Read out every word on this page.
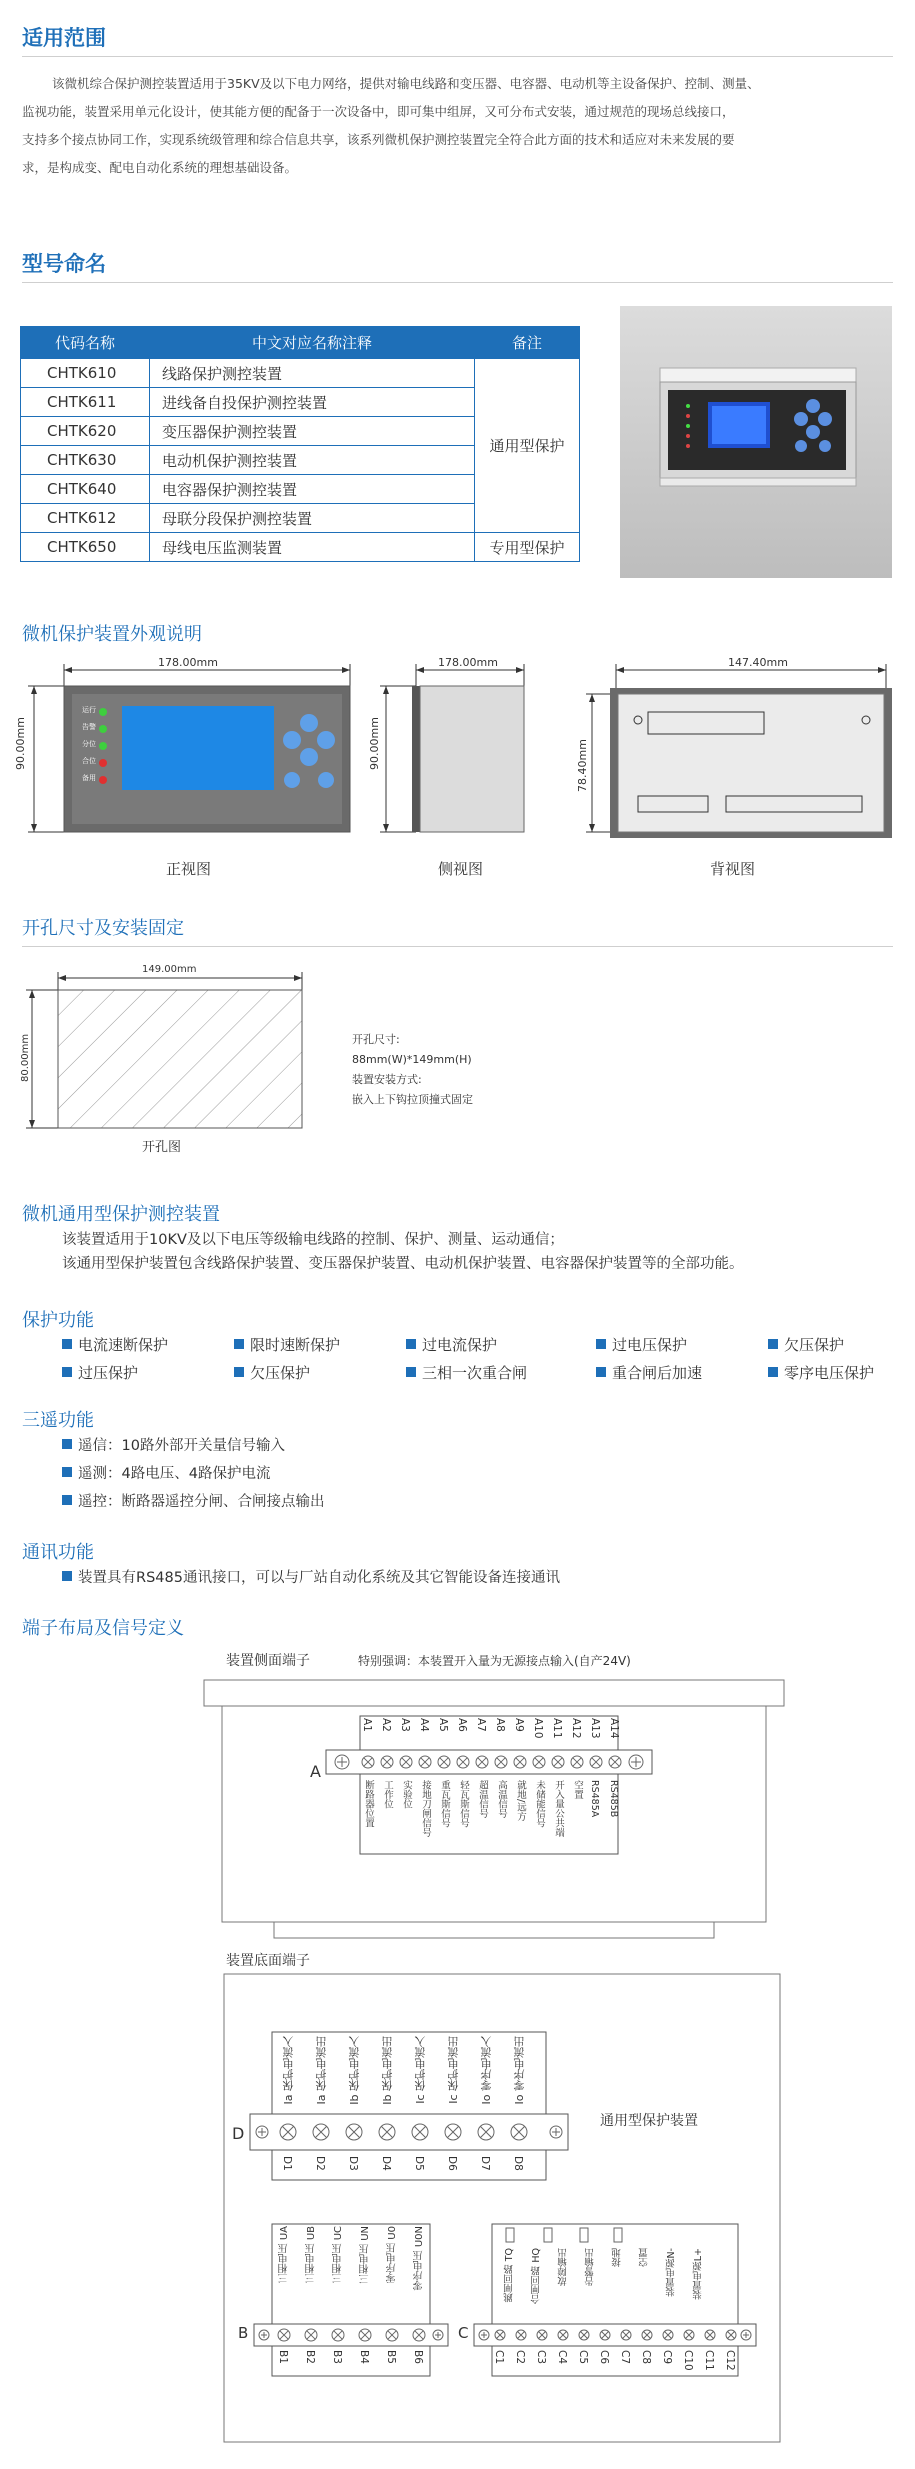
适用范围
该微机综合保护测控装置适用于35KV及以下电力网络，提供对输电线路和变压器、电容器、电动机等主设备保护、控制、测量、
监视功能，装置采用单元化设计，使其能方便的配备于一次设备中，即可集中组屏，又可分布式安装，通过规范的现场总线接口，
支持多个接点协同工作，实现系统级管理和综合信息共享，该系列微机保护测控装置完全符合此方面的技术和适应对未来发展的要
求，是构成变、配电自动化系统的理想基础设备。
型号命名
代码名称	中文对应名称注释	备注
CHTK610	线路保护测控装置	通用型保护
CHTK611	进线备自投保护测控装置	
CHTK620	变压器保护测控装置	
CHTK630	电动机保护测控装置	
CHTK640	电容器保护测控装置	
CHTK612	母联分段保护测控装置	
CHTK650	母线电压监测装置	专用型保护
微机保护装置外观说明
178.00mm
90.00mm
运行
告警
分位
合位
备用
正视图
178.00mm
90.00mm
侧视图
147.40mm
78.40mm
背视图
开孔尺寸及安装固定
149.00mm
80.00mm
开孔图
开孔尺寸:
88mm(W)*149mm(H)
装置安装方式:
嵌入上下钩拉顶撞式固定
微机通用型保护测控装置
该装置适用于10KV及以下电压等级输电线路的控制、保护、测量、运动通信；
该通用型保护装置包含线路保护装置、变压器保护装置、电动机保护装置、电容器保护装置等的全部功能。
保护功能
电流速断保护	限时速断保护	过电流保护	过电压保护	欠压保护
过压保护	欠压保护	三相一次重合闸	重合闸后加速	零序电压保护
三遥功能
遥信：10路外部开关量信号输入
遥测：4路电压、4路保护电流
遥控：断路器遥控分闸、合闸接点输出
通讯功能
装置具有RS485通讯接口，可以与厂站自动化系统及其它智能设备连接通讯
端子布局及信号定义
装置侧面端子	特别强调：本装置开入量为无源接点输入(自产24V)
A
A1 A2 A3 A4 A5 A6 A7 A8 A9 A10 A11 A12 A13 A14
断路器位置 工作位 实验位 接地刀闸信号 重瓦斯信号 轻瓦斯信号 超温信号 高温信号 就地/远方 未储能信号 开入量公共端 空置 RS485A RS485B
装置底面端子
D
D1 D2 D3 D4 D5 D6 D7 D8
Ia 保护电流入 Ia 保护电流出 Ib 保护电流入 Ib 保护电流出 Ic 保护电流入 Ic 保护电流出 Io 零序电流入 Io 零序电流出
通用型保护装置
B
B1 B2 B3 B4 B5 B6
三相电压 UA 三相电压 UB 三相电压 UC 三相电压 UN 零序电压 U0 零序电压 U0N
C
C1 C2 C3 C4 C5 C6 C7 C8 C9 C10 C11 C12
跳闸回路 TQ 合闸回路 HQ 故障输出 告警输出 接地 空置 装置电源N- 装置电源L+
